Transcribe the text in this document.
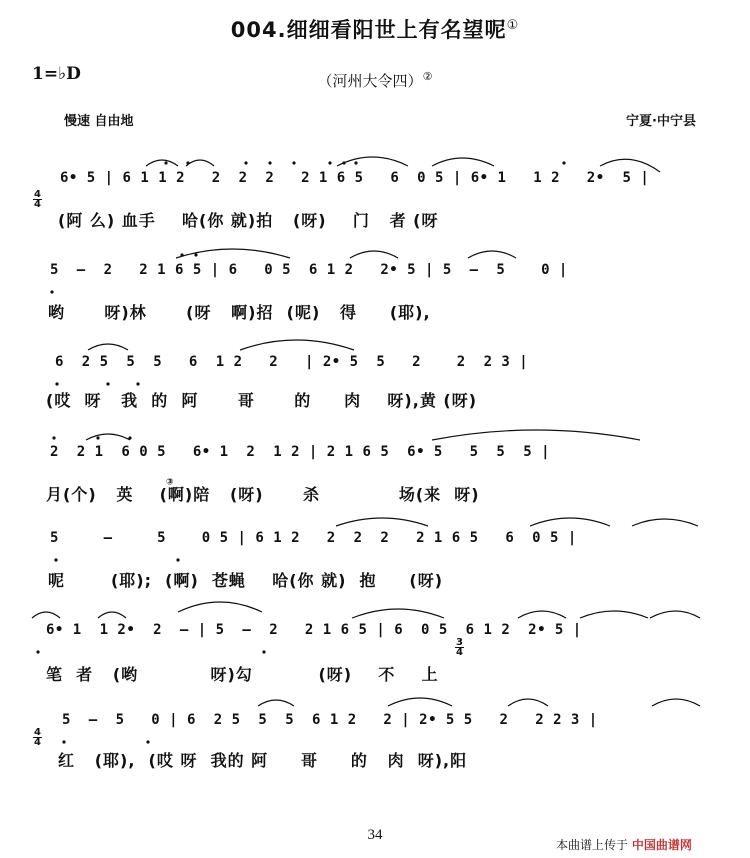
004.细细看阳世上有名望呢①
1=♭D	（河州大令四）②
慢速 自由地	宁夏·中宁县

4
4

3
4

4
4

6• 5 | 6 1 1 2   2  2  2   2 1 6 5   6  0 5 | 6• 1   1 2   2•  5 |
(阿 么) 血手    哈(你 就)拍   (呀)    门   者 (呀
5  —  2   2 1 6 5 | 6   0 5  6 1 2   2• 5 | 5  —  5    0 |
哟      呀)林      (呀   啊)招  (呢)   得     (耶),
6  2 5  5  5   6  1 2   2   | 2• 5  5   2    2  2 3 |
(哎  呀   我  的  阿      哥      的     肉    呀),黄 (呀)
2  2 1  6 0 5   6• 1  2  1 2 | 2 1 6 5  6• 5   5  5  5 |
月(个)   英    (啊)陪   (呀)      杀            场(来  呀)
③
5     —     5    0 5 | 6 1 2   2  2  2   2 1 6 5   6  0 5 |
呢       (耶);  (啊)  苍蝇    哈(你 就)  抱     (呀)
6• 1  1 2•  2  — | 5  —  2   2 1 6 5 | 6  0 5  6 1 2  2• 5 |
笔  者   (哟           呀)勾          (呀)    不    上
5  —  5   0 | 6  2 5  5  5  6 1 2   2 | 2• 5 5   2   2 2 3 |
红   (耶),  (哎 呀  我的 阿     哥     的   肉  呀),阳
34
本曲谱上传于 中国曲谱网
